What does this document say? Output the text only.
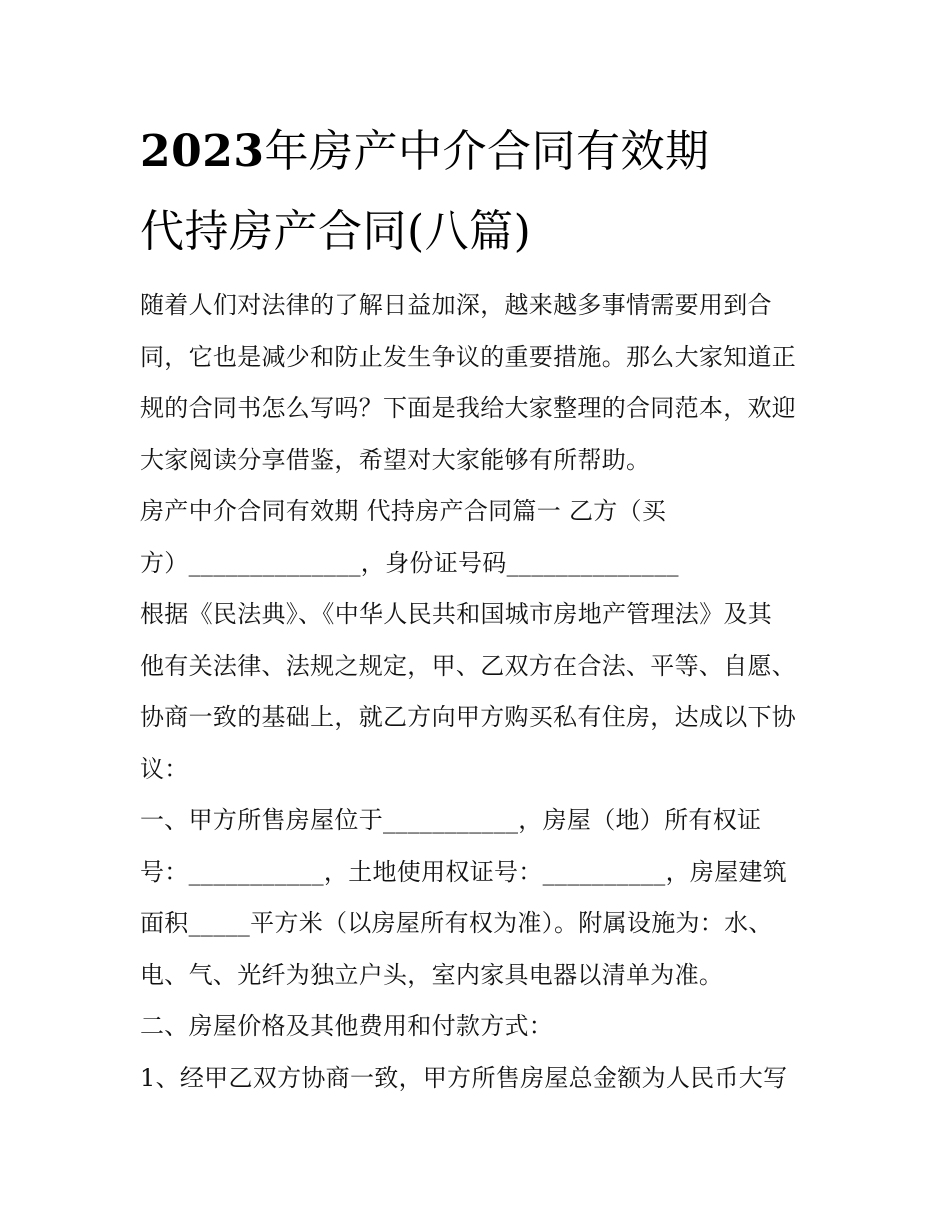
2023年房产中介合同有效期
代持房产合同(八篇)
随着人们对法律的了解日益加深，越来越多事情需要用到合
同，它也是减少和防止发生争议的重要措施。那么大家知道正
规的合同书怎么写吗？下面是我给大家整理的合同范本，欢迎
大家阅读分享借鉴，希望对大家能够有所帮助。
房产中介合同有效期 代持房产合同篇一 乙方（买
方）______________，身份证号码______________
根据《民法典》、《中华人民共和国城市房地产管理法》及其
他有关法律、法规之规定，甲、乙双方在合法、平等、自愿、
协商一致的基础上，就乙方向甲方购买私有住房，达成以下协
议：
一、甲方所售房屋位于___________，房屋（地）所有权证
号：___________，土地使用权证号：__________，房屋建筑
面积_____平方米（以房屋所有权为准）。附属设施为：水、
电、气、光纤为独立户头，室内家具电器以清单为准。
二、房屋价格及其他费用和付款方式：
1、经甲乙双方协商一致，甲方所售房屋总金额为人民币大写
